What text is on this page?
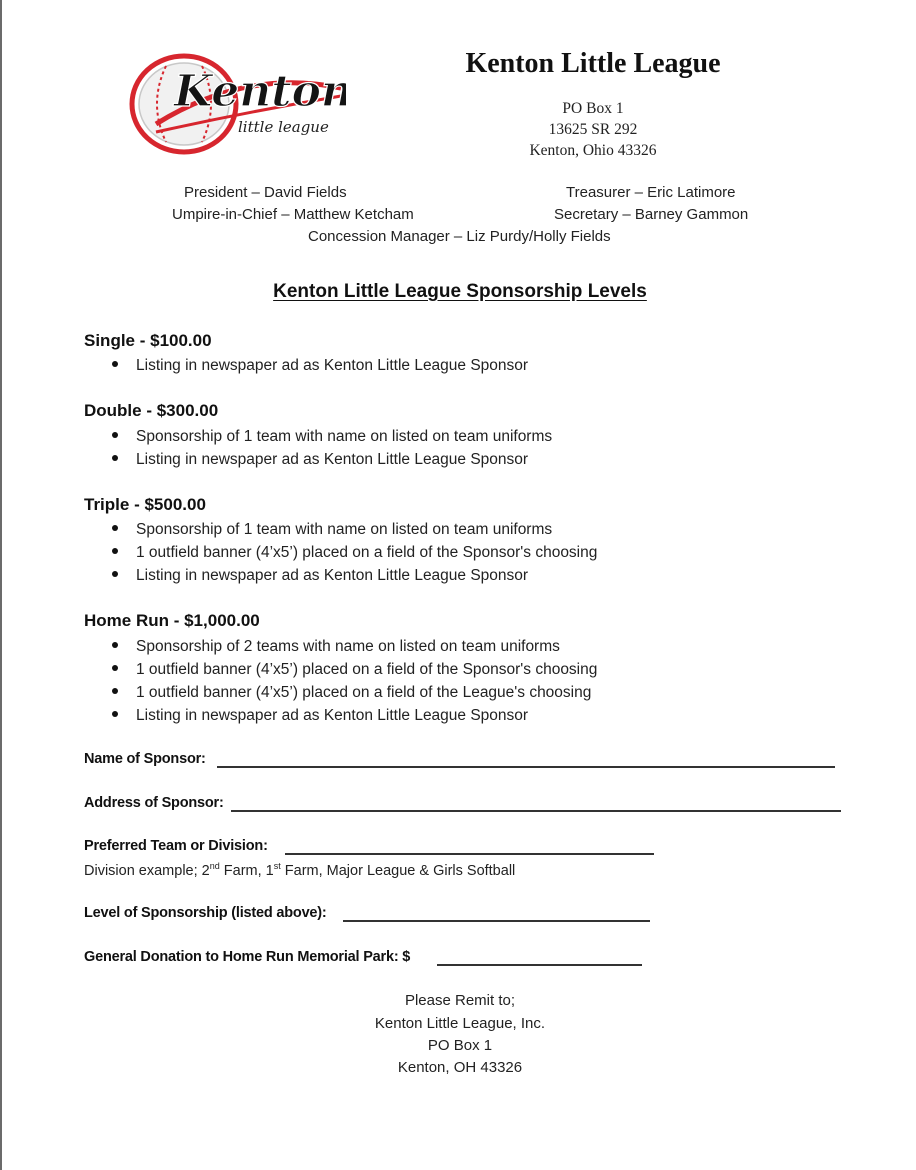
Kenton
little league
Kenton Little League
PO Box 1
13625 SR 292
Kenton, Ohio 43326
President – David Fields	Treasurer – Eric Latimore
Umpire-in-Chief – Matthew Ketcham	Secretary – Barney Gammon
Concession Manager – Liz Purdy/Holly Fields
Kenton Little League Sponsorship Levels
Single - $100.00
Listing in newspaper ad as Kenton Little League Sponsor
Double - $300.00
Sponsorship of 1 team with name on listed on team uniforms
Listing in newspaper ad as Kenton Little League Sponsor
Triple - $500.00
Sponsorship of 1 team with name on listed on team uniforms
1 outfield banner (4’x5’) placed on a field of the Sponsor's choosing
Listing in newspaper ad as Kenton Little League Sponsor
Home Run - $1,000.00
Sponsorship of 2 teams with name on listed on team uniforms
1 outfield banner (4’x5’) placed on a field of the Sponsor's choosing
1 outfield banner (4’x5’) placed on a field of the League's choosing
Listing in newspaper ad as Kenton Little League Sponsor
Name of Sponsor:
Address of Sponsor:
Preferred Team or Division:
Division example; 2nd Farm, 1st Farm, Major League & Girls Softball
Level of Sponsorship (listed above):
General Donation to Home Run Memorial Park: $
Please Remit to;
Kenton Little League, Inc.
PO Box 1
Kenton, OH 43326
